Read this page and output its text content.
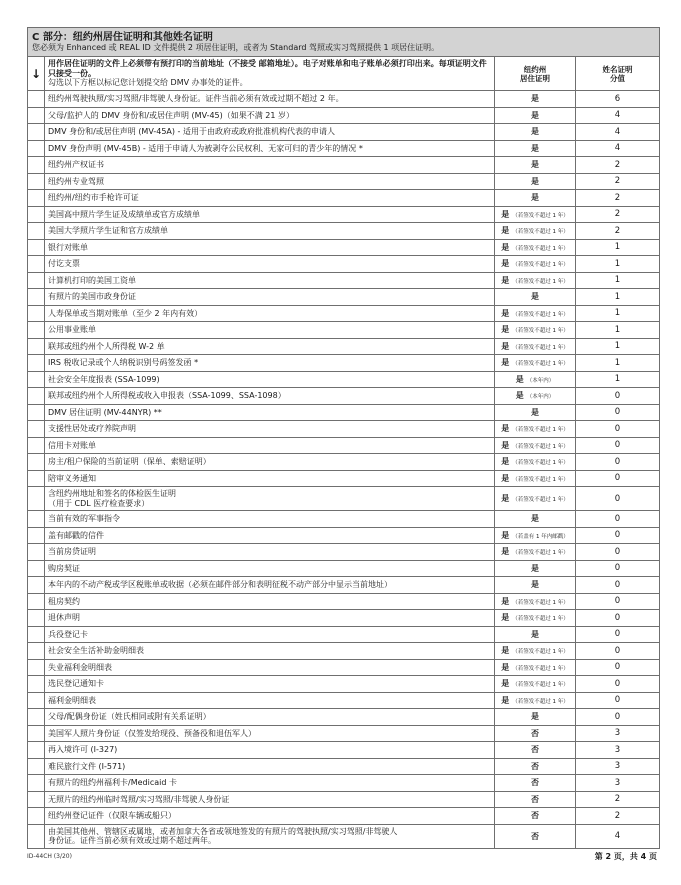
C 部分：纽约州居住证明和其他姓名证明
您必须为 Enhanced 或 REAL ID 文件提供 2 项居住证明，或者为 Standard 驾照或实习驾照提供 1 项居住证明。			

↓	用作居住证明的文件上必须带有预打印的当前地址（不接受 邮箱地址）。电子对账单和电子账单必须打印出来。每项证明文件只接受一份。
勾选以下方框以标记您计划提交给 DMV 办事处的证件。	纽约州
居住证明	姓名证明
分值
	纽约州驾驶执照/实习驾照/非驾驶人身份证。证件当前必须有效或过期不超过 2 年。	是	6
	父母/监护人的 DMV 身份和/或居住声明 (MV-45)（如果不满 21 岁）	是	4
	DMV 身份和/或居住声明 (MV-45A) - 适用于由政府或政府批准机构代表的申请人	是	4
	DMV 身份声明 (MV-45B) - 适用于申请人为被剥夺公民权利、无家可归的青少年的情况 *	是	4
	纽约州产权证书	是	2
	纽约州专业驾照	是	2
	纽约州/纽约市手枪许可证	是	2
	美国高中照片学生证及成绩单或官方成绩单	是 （若签发不超过 1 年）	2
	美国大学照片学生证和官方成绩单	是 （若签发不超过 1 年）	2
	银行对账单	是 （若签发不超过 1 年）	1
	付讫支票	是 （若签发不超过 1 年）	1
	计算机打印的美国工资单	是 （若签发不超过 1 年）	1
	有照片的美国市政身份证	是	1
	人寿保单或当期对账单（至少 2 年内有效）	是 （若签发不超过 1 年）	1
	公用事业账单	是 （若签发不超过 1 年）	1
	联邦或纽约州个人所得税 W-2 单	是 （若签发不超过 1 年）	1
	IRS 税收记录或个人纳税识别号码签发函 *	是 （若签发不超过 1 年）	1
	社会安全年度报表 (SSA-1099)	是 （本年内）	1
	联邦或纽约州个人所得税或收入申报表（SSA-1099、SSA-1098）	是 （本年内）	0
	DMV 居住证明 (MV-44NYR) **	是	0
	支援性居处或疗养院声明	是 （若签发不超过 1 年）	0
	信用卡对账单	是 （若签发不超过 1 年）	0
	房主/租户保险的当前证明（保单、索赔证明）	是 （若签发不超过 1 年）	0
	陪审义务通知	是 （若签发不超过 1 年）	0
	含纽约州地址和签名的体检医生证明
（用于 CDL 医疗检查要求）	是 （若签发不超过 1 年）	0
	当前有效的军事指令	是	0
	盖有邮戳的信件	是 （若盖有 1 年内邮戳）	0
	当前房贷证明	是 （若签发不超过 1 年）	0
	购房契证	是	0
	本年内的不动产税或学区税账单或收据（必须在邮件部分和表明征税不动产部分中显示当前地址）	是	0
	租房契约	是 （若签发不超过 1 年）	0
	退休声明	是 （若签发不超过 1 年）	0
	兵役登记卡	是	0
	社会安全生活补助金明细表	是 （若签发不超过 1 年）	0
	失业福利金明细表	是 （若签发不超过 1 年）	0
	选民登记通知卡	是 （若签发不超过 1 年）	0
	福利金明细表	是 （若签发不超过 1 年）	0
	父母/配偶身份证（姓氏相同或附有关系证明）	是	0
	美国军人照片身份证（仅签发给现役、预备役和退伍军人）	否	3
	再入境许可 (I-327)	否	3
	难民旅行文件 (I-571)	否	3
	有照片的纽约州福利卡/Medicaid 卡	否	3
	无照片的纽约州临时驾照/实习驾照/非驾驶人身份证	否	2
	纽约州登记证件（仅限车辆或船只）	否	2
	由美国其他州、管辖区或属地，或者加拿大各省或领地签发的有照片的驾驶执照/实习驾照/非驾驶人
身份证。证件当前必须有效或过期不超过两年。	否	4
ID-44CH (3/20)	第 2 页，共 4 页
